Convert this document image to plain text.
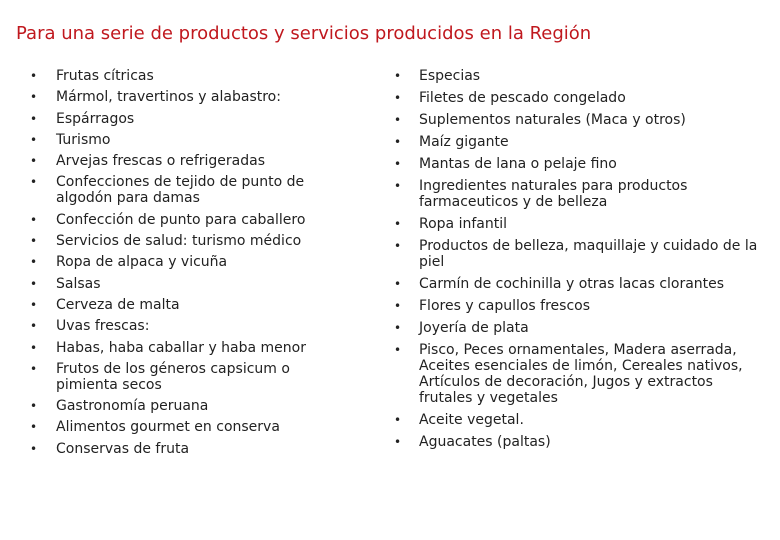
Para una serie de productos y servicios producidos en la Región
• Frutas cítricas
• Mármol, travertinos y alabastro:
• Espárragos
• Turismo
• Arvejas frescas o refrigeradas
• Confecciones de tejido de punto de algodón para damas
• Confección de punto para caballero
• Servicios de salud: turismo médico
• Ropa de alpaca y vicuña
• Salsas
• Cerveza de malta
• Uvas frescas:
• Habas, haba caballar y haba menor
• Frutos de los géneros capsicum o pimienta secos
• Gastronomía peruana
• Alimentos gourmet en conserva
• Conservas de fruta
• Especias
• Filetes de pescado congelado
• Suplementos naturales (Maca y otros)
• Maíz gigante
• Mantas de lana o pelaje fino
• Ingredientes naturales para productos farmaceuticos y de belleza
• Ropa infantil
• Productos de belleza, maquillaje y cuidado de la piel
• Carmín de cochinilla y otras lacas clorantes
• Flores y capullos frescos
• Joyería de plata
• Pisco, Peces ornamentales, Madera aserrada, Aceites esenciales de limón, Cereales nativos, Artículos de decoración, Jugos y extractos frutales y vegetales
• Aceite vegetal.
• Aguacates (paltas)
